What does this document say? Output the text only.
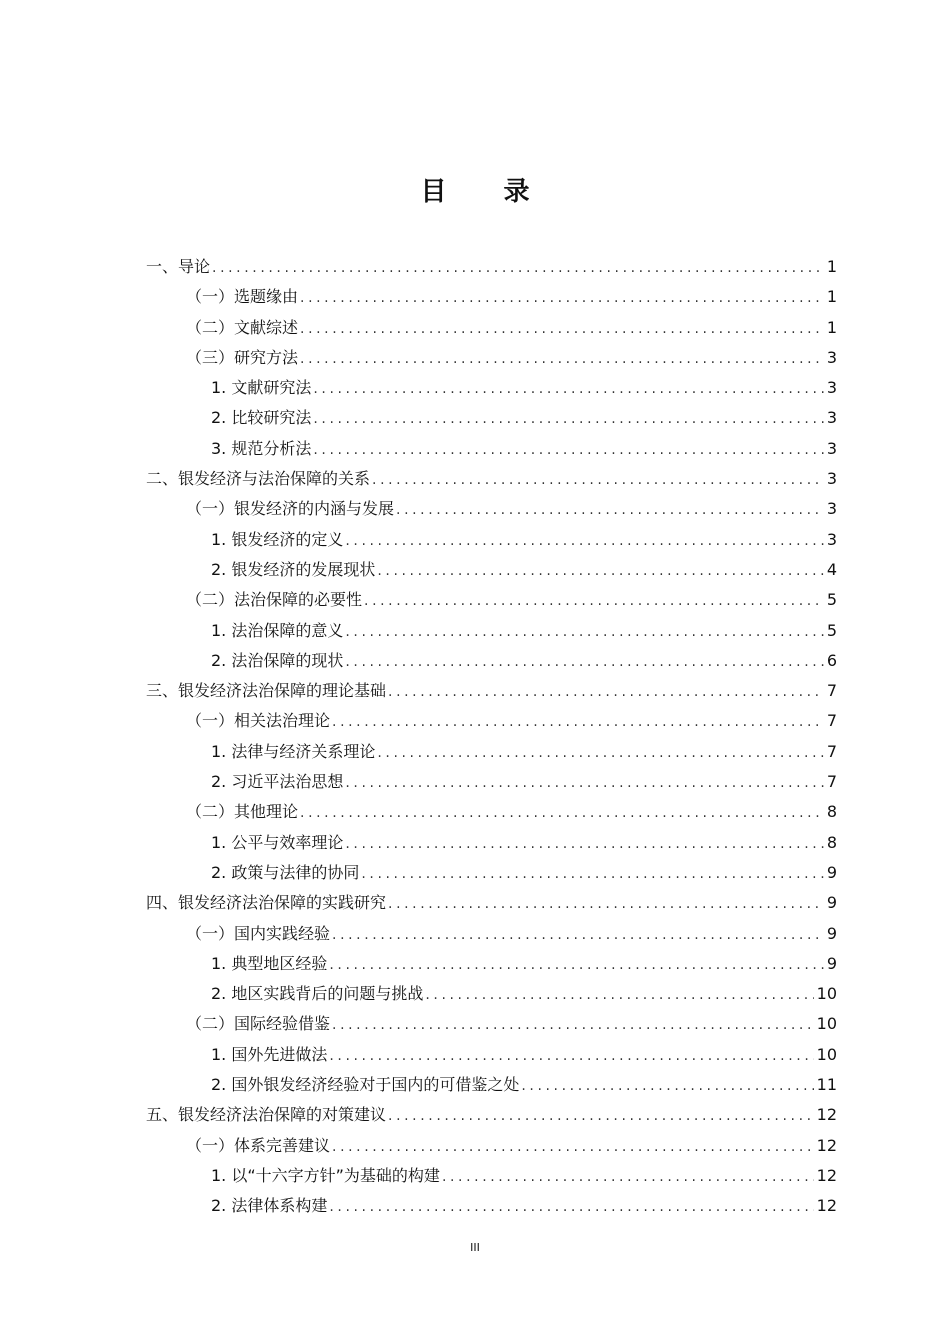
目 录
一、导论 .....	1
（一）选题缘由 .....	1
（二）文献综述 .....	1
（三）研究方法 .....	3
1. 文献研究法 .....	3
2. 比较研究法 .....	3
3. 规范分析法 .....	3
二、银发经济与法治保障的关系 .....	3
（一）银发经济的内涵与发展 .....	3
1. 银发经济的定义 .....	3
2. 银发经济的发展现状 .....	4
（二）法治保障的必要性 .....	5
1. 法治保障的意义 .....	5
2. 法治保障的现状 .....	6
三、银发经济法治保障的理论基础 .....	7
（一）相关法治理论 .....	7
1. 法律与经济关系理论 .....	7
2. 习近平法治思想 .....	7
（二）其他理论 .....	8
1. 公平与效率理论 .....	8
2. 政策与法律的协同 .....	9
四、银发经济法治保障的实践研究 .....	9
（一）国内实践经验 .....	9
1. 典型地区经验 .....	9
2. 地区实践背后的问题与挑战 .....	10
（二）国际经验借鉴 .....	10
1. 国外先进做法 .....	10
2. 国外银发经济经验对于国内的可借鉴之处 .....	11
五、银发经济法治保障的对策建议 .....	12
（一）体系完善建议 .....	12
1. 以“十六字方针”为基础的构建 .....	12
2. 法律体系构建 .....	12
III
